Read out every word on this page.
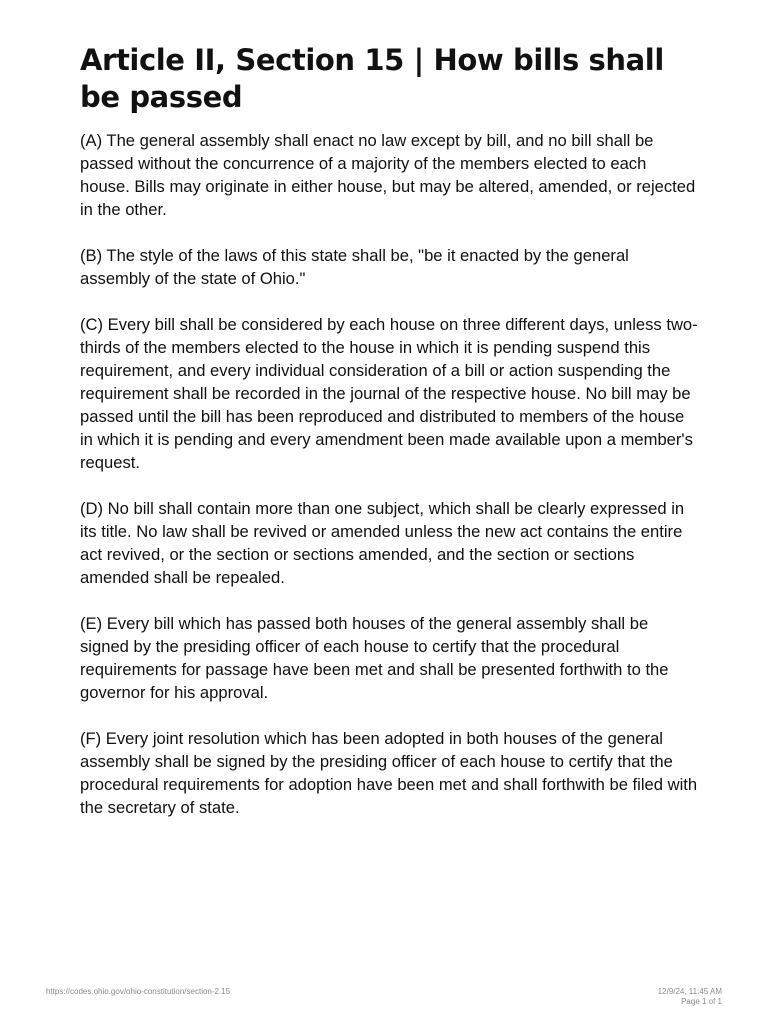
Article II, Section 15 | How bills shall be passed

(A) The general assembly shall enact no law except by bill, and no bill shall be passed without the concurrence of a majority of the members elected to each house. Bills may originate in either house, but may be altered, amended, or rejected in the other.

(B) The style of the laws of this state shall be, "be it enacted by the general assembly of the state of Ohio."

(C) Every bill shall be considered by each house on three different days, unless two-thirds of the members elected to the house in which it is pending suspend this requirement, and every individual consideration of a bill or action suspending the requirement shall be recorded in the journal of the respective house. No bill may be passed until the bill has been reproduced and distributed to members of the house in which it is pending and every amendment been made available upon a member's request.

(D) No bill shall contain more than one subject, which shall be clearly expressed in its title. No law shall be revived or amended unless the new act contains the entire act revived, or the section or sections amended, and the section or sections amended shall be repealed.

(E) Every bill which has passed both houses of the general assembly shall be signed by the presiding officer of each house to certify that the procedural requirements for passage have been met and shall be presented forthwith to the governor for his approval.

(F) Every joint resolution which has been adopted in both houses of the general assembly shall be signed by the presiding officer of each house to certify that the procedural requirements for adoption have been met and shall forthwith be filed with the secretary of state.

https://codes.ohio.gov/ohio-constitution/section-2.15	12/9/24, 11:45 AM
Page 1 of 1
